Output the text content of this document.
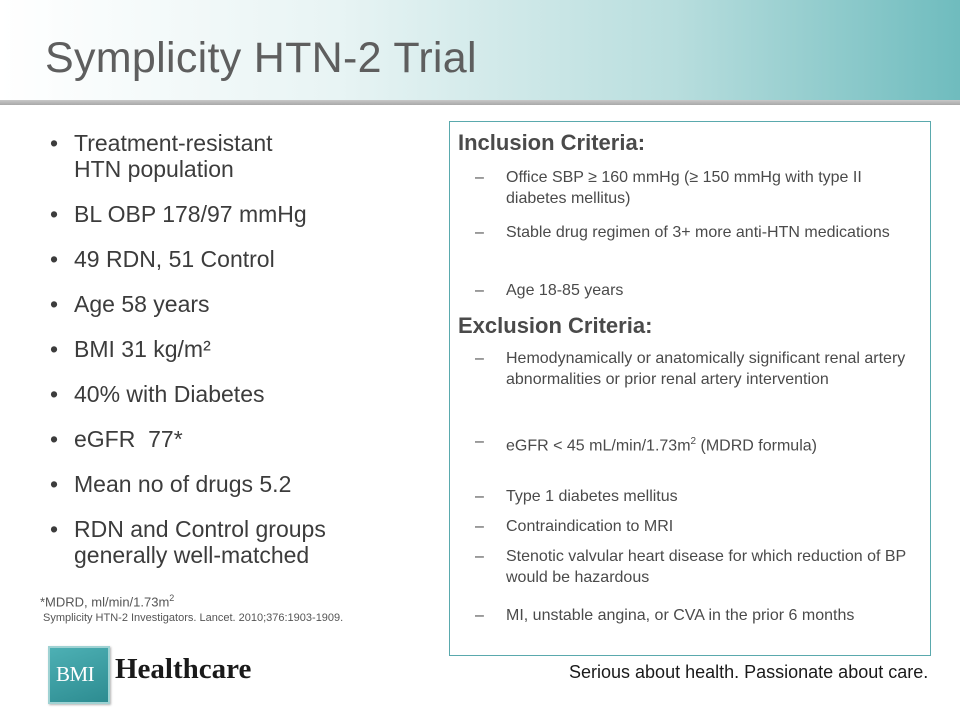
Symplicity HTN-2 Trial
• Treatment-resistant HTN population
• BL OBP 178/97 mmHg
• 49 RDN, 51 Control
• Age 58 years
• BMI 31 kg/m²
• 40% with Diabetes
• eGFR  77*
• Mean no of drugs 5.2
• RDN and Control groups generally well-matched
*MDRD, $ml/\min/1.73m^2$
Symplicity HTN-2 Investigators. Lancet. 2010;376:1903-1909.
Inclusion Criteria:
– Office SBP ≥ 160 mmHg (≥ 150 mmHg with type II diabetes mellitus)
– Stable drug regimen of 3+ more anti-HTN medications
– Age 18-85 years
Exclusion Criteria:
– Hemodynamically or anatomically significant renal artery abnormalities or prior renal artery intervention
– eGFR < 45 $mL/\min/1.73m^2$ (MDRD formula)
– Type 1 diabetes mellitus
– Contraindication to MRI
– Stenotic valvular heart disease for which reduction of BP would be hazardous
– MI, unstable angina, or CVA in the prior 6 months
BMI Healthcare	Serious about health. Passionate about care.
